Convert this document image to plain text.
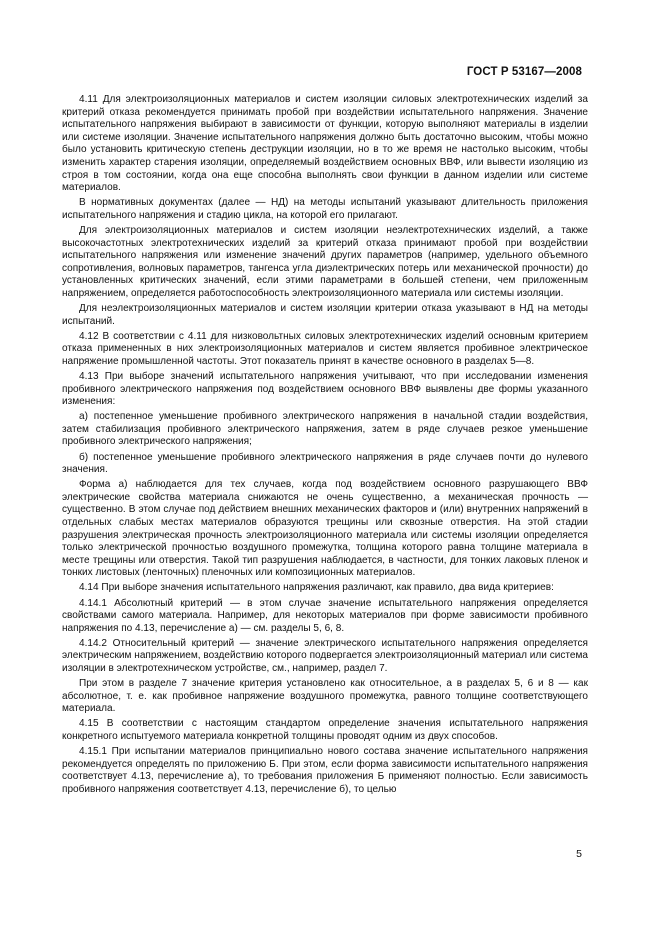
ГОСТ Р 53167—2008

4.11 Для электроизоляционных материалов и систем изоляции силовых электротехнических изделий за критерий отказа рекомендуется принимать пробой при воздействии испытательного напряжения. Значение испытательного напряжения выбирают в зависимости от функции, которую выполняют материалы в изделии или системе изоляции. Значение испытательного напряжения должно быть достаточно высоким, чтобы можно было установить критическую степень деструкции изоляции, но в то же время не настолько высоким, чтобы изменить характер старения изоляции, определяемый воздействием основных ВВФ, или вывести изоляцию из строя в том состоянии, когда она еще способна выполнять свои функции в данном изделии или системе материалов.

В нормативных документах (далее — НД) на методы испытаний указывают длительность приложения испытательного напряжения и стадию цикла, на которой его прилагают.

Для электроизоляционных материалов и систем изоляции неэлектротехнических изделий, а также высокочастотных электротехнических изделий за критерий отказа принимают пробой при воздействии испытательного напряжения или изменение значений других параметров (например, удельного объемного сопротивления, волновых параметров, тангенса угла диэлектрических потерь или механической прочности) до установленных критических значений, если этими параметрами в большей степени, чем приложенным напряжением, определяется работоспособность электроизоляционного материала или системы изоляции.

Для неэлектроизоляционных материалов и систем изоляции критерии отказа указывают в НД на методы испытаний.

4.12 В соответствии с 4.11 для низковольтных силовых электротехнических изделий основным критерием отказа примененных в них электроизоляционных материалов и систем является пробивное электрическое напряжение промышленной частоты. Этот показатель принят в качестве основного в разделах 5—8.

4.13 При выборе значений испытательного напряжения учитывают, что при исследовании изменения пробивного электрического напряжения под воздействием основного ВВФ выявлены две формы указанного изменения:

а) постепенное уменьшение пробивного электрического напряжения в начальной стадии воздействия, затем стабилизация пробивного электрического напряжения, затем в ряде случаев резкое уменьшение пробивного электрического напряжения;

б) постепенное уменьшение пробивного электрического напряжения в ряде случаев почти до нулевого значения.

Форма а) наблюдается для тех случаев, когда под воздействием основного разрушающего ВВФ электрические свойства материала снижаются не очень существенно, а механическая прочность — существенно. В этом случае под действием внешних механических факторов и (или) внутренних напряжений в отдельных слабых местах материалов образуются трещины или сквозные отверстия. На этой стадии разрушения электрическая прочность электроизоляционного материала или системы изоляции определяется только электрической прочностью воздушного промежутка, толщина которого равна толщине материала в месте трещины или отверстия. Такой тип разрушения наблюдается, в частности, для тонких лаковых пленок и тонких листовых (ленточных) пленочных или композиционных материалов.

4.14 При выборе значения испытательного напряжения различают, как правило, два вида критериев:

4.14.1 Абсолютный критерий — в этом случае значение испытательного напряжения определяется свойствами самого материала. Например, для некоторых материалов при форме зависимости пробивного напряжения по 4.13, перечисление а) — см. разделы 5, 6, 8.

4.14.2 Относительный критерий — значение электрического испытательного напряжения определяется электрическим напряжением, воздействию которого подвергается электроизоляционный материал или система изоляции в электротехническом устройстве, см., например, раздел 7.

При этом в разделе 7 значение критерия установлено как относительное, а в разделах 5, 6 и 8 — как абсолютное, т. е. как пробивное напряжение воздушного промежутка, равного толщине соответствующего материала.

4.15 В соответствии с настоящим стандартом определение значения испытательного напряжения конкретного испытуемого материала конкретной толщины проводят одним из двух способов.

4.15.1 При испытании материалов принципиально нового состава значение испытательного напряжения рекомендуется определять по приложению Б. При этом, если форма зависимости испытательного напряжения соответствует 4.13, перечисление а), то требования приложения Б применяют полностью. Если зависимость пробивного напряжения соответствует 4.13, перечисление б), то целью

5
